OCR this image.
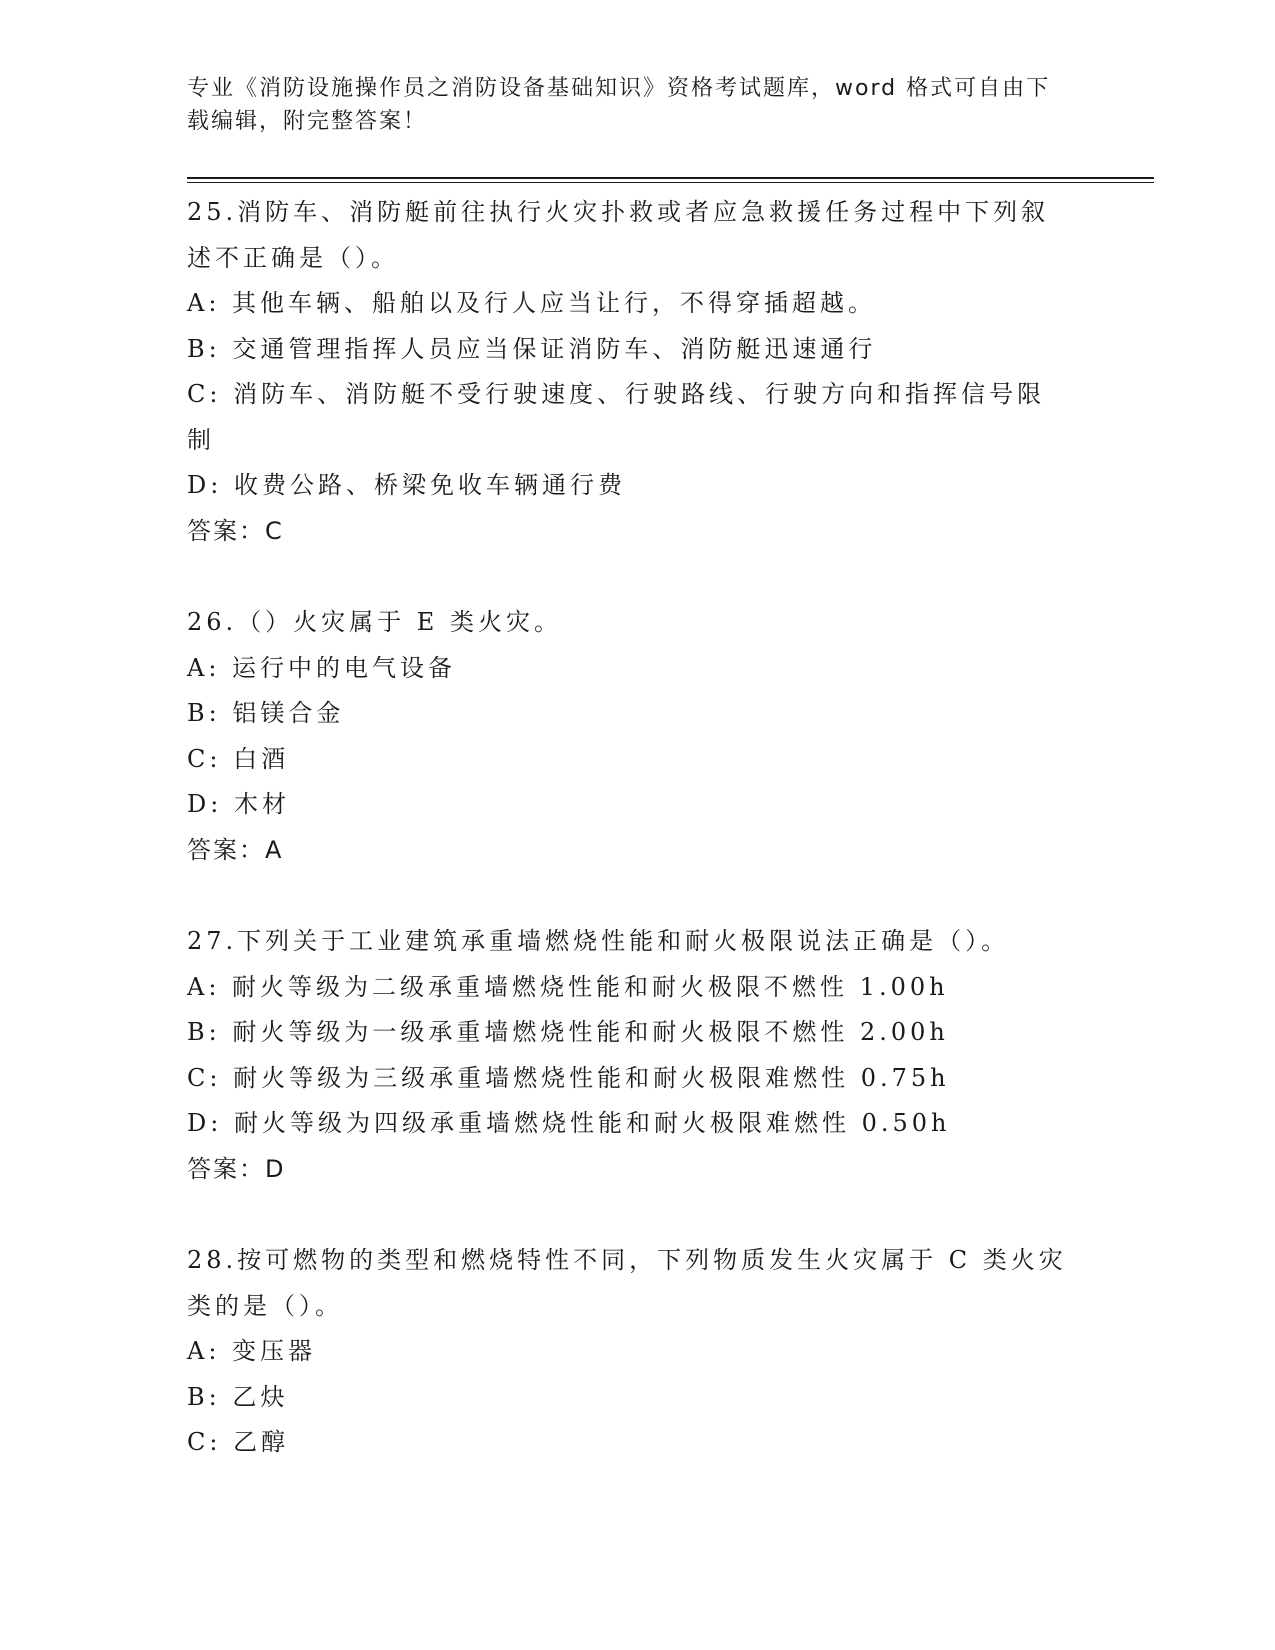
专业《消防设施操作员之消防设备基础知识》资格考试题库，word 格式可自由下
载编辑，附完整答案！
25.消防车、消防艇前往执行火灾扑救或者应急救援任务过程中下列叙
述不正确是（）。
A: 其他车辆、船舶以及行人应当让行，不得穿插超越。
B: 交通管理指挥人员应当保证消防车、消防艇迅速通行
C: 消防车、消防艇不受行驶速度、行驶路线、行驶方向和指挥信号限
制
D: 收费公路、桥梁免收车辆通行费
答案：C
26.（）火灾属于 E 类火灾。
A: 运行中的电气设备
B: 铝镁合金
C: 白酒
D: 木材
答案：A
27.下列关于工业建筑承重墙燃烧性能和耐火极限说法正确是（）。
A: 耐火等级为二级承重墙燃烧性能和耐火极限不燃性 1.00h
B: 耐火等级为一级承重墙燃烧性能和耐火极限不燃性 2.00h
C: 耐火等级为三级承重墙燃烧性能和耐火极限难燃性 0.75h
D: 耐火等级为四级承重墙燃烧性能和耐火极限难燃性 0.50h
答案：D
28.按可燃物的类型和燃烧特性不同，下列物质发生火灾属于 C 类火灾
类的是（）。
A: 变压器
B: 乙炔
C: 乙醇
